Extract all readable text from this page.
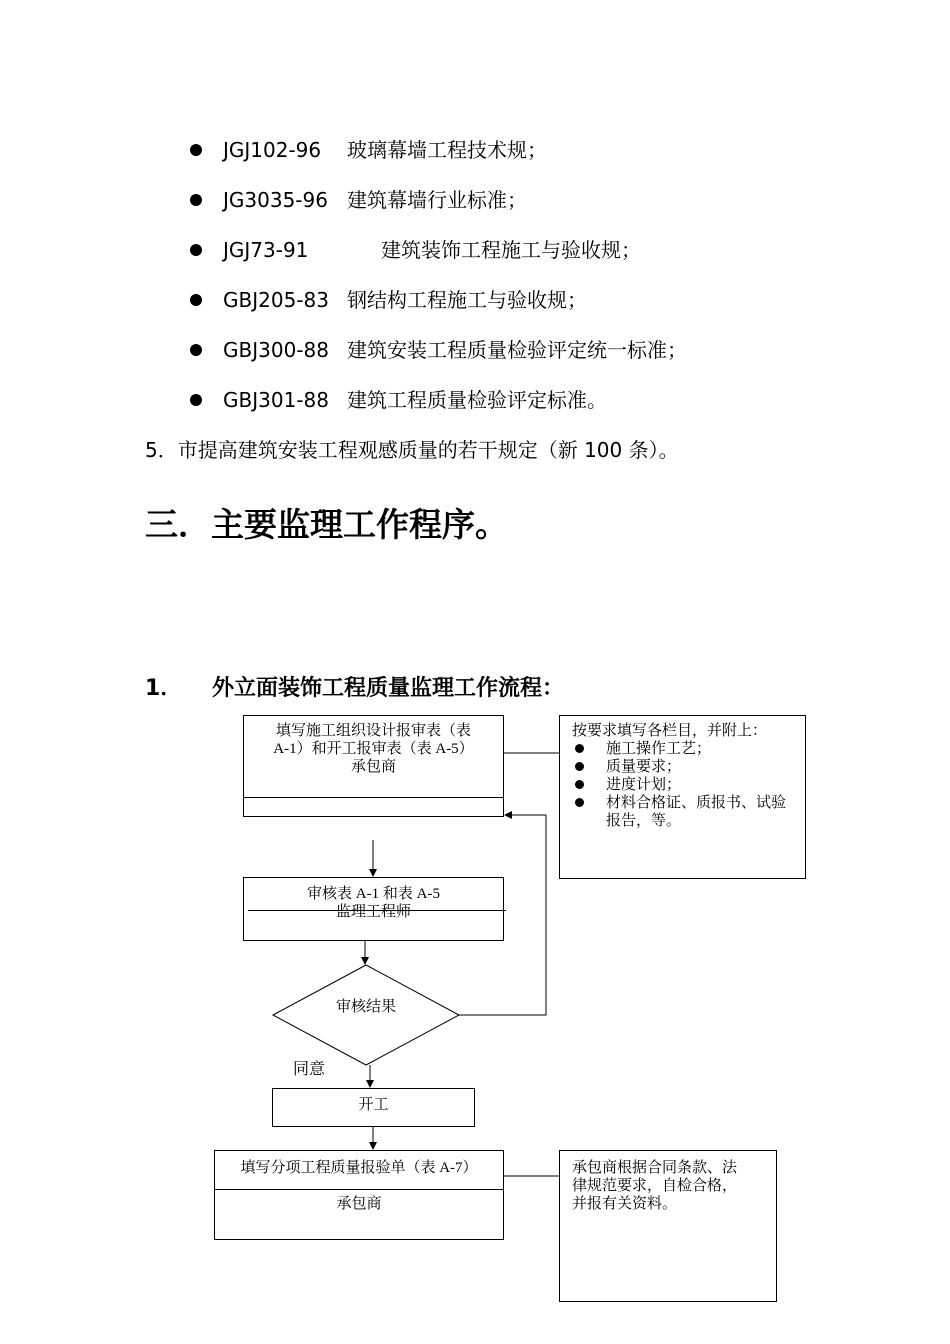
JGJ102-96 玻璃幕墙工程技术规；
JG3035-96 建筑幕墙行业标准；
JGJ73-91	建筑装饰工程施工与验收规；
GBJ205-83 钢结构工程施工与验收规；
GBJ300-88 建筑安装工程质量检验评定统一标准；
GBJ301-88 建筑工程质量检验评定标准。
5．市提高建筑安装工程观感质量的若干规定（新 100 条）。
三．主要监理工作程序。
1． 外立面装饰工程质量监理工作流程：
填写施工组织设计报审表（表
A-1）和开工报审表（表 A-5）
承包商
按要求填写各栏目，并附上：
施工操作工艺；
质量要求；
进度计划；
材料合格证、质报书、试验报告，等。
审核表 A-1 和表 A-5
监理工程师
审核结果
同意
开工
填写分项工程质量报验单（表 A-7）
承包商
承包商根据合同条款、法
律规范要求，自检合格，
并报有关资料。
